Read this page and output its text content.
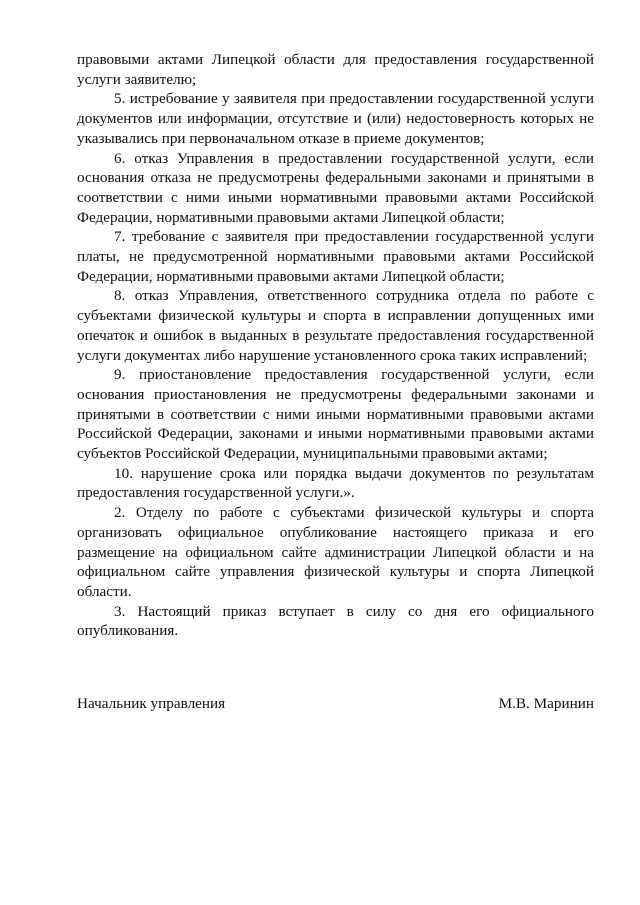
правовыми актами Липецкой области для предоставления государственной услуги заявителю;

5. истребование у заявителя при предоставлении государственной услуги документов или информации, отсутствие и (или) недостоверность которых не указывались при первоначальном отказе в приеме документов;

6. отказ Управления в предоставлении государственной услуги, если основания отказа не предусмотрены федеральными законами и принятыми в соответствии с ними иными нормативными правовыми актами Российской Федерации, нормативными правовыми актами Липецкой области;

7. требование с заявителя при предоставлении государственной услуги платы, не предусмотренной нормативными правовыми актами Российской Федерации, нормативными правовыми актами Липецкой области;

8. отказ Управления, ответственного сотрудника отдела по работе с субъектами физической культуры и спорта в исправлении допущенных ими опечаток и ошибок в выданных в результате предоставления государственной услуги документах либо нарушение установленного срока таких исправлений;

9. приостановление предоставления государственной услуги, если основания приостановления не предусмотрены федеральными законами и принятыми в соответствии с ними иными нормативными правовыми актами Российской Федерации, законами и иными нормативными правовыми актами субъектов Российской Федерации, муниципальными правовыми актами;

10. нарушение срока или порядка выдачи документов по результатам предоставления государственной услуги.».

2. Отделу по работе с субъектами физической культуры и спорта организовать официальное опубликование настоящего приказа и его размещение на официальном сайте администрации Липецкой области и на официальном сайте управления физической культуры и спорта Липецкой области.

3. Настоящий приказ вступает в силу со дня его официального опубликования.

Начальник управления	М.В. Маринин
